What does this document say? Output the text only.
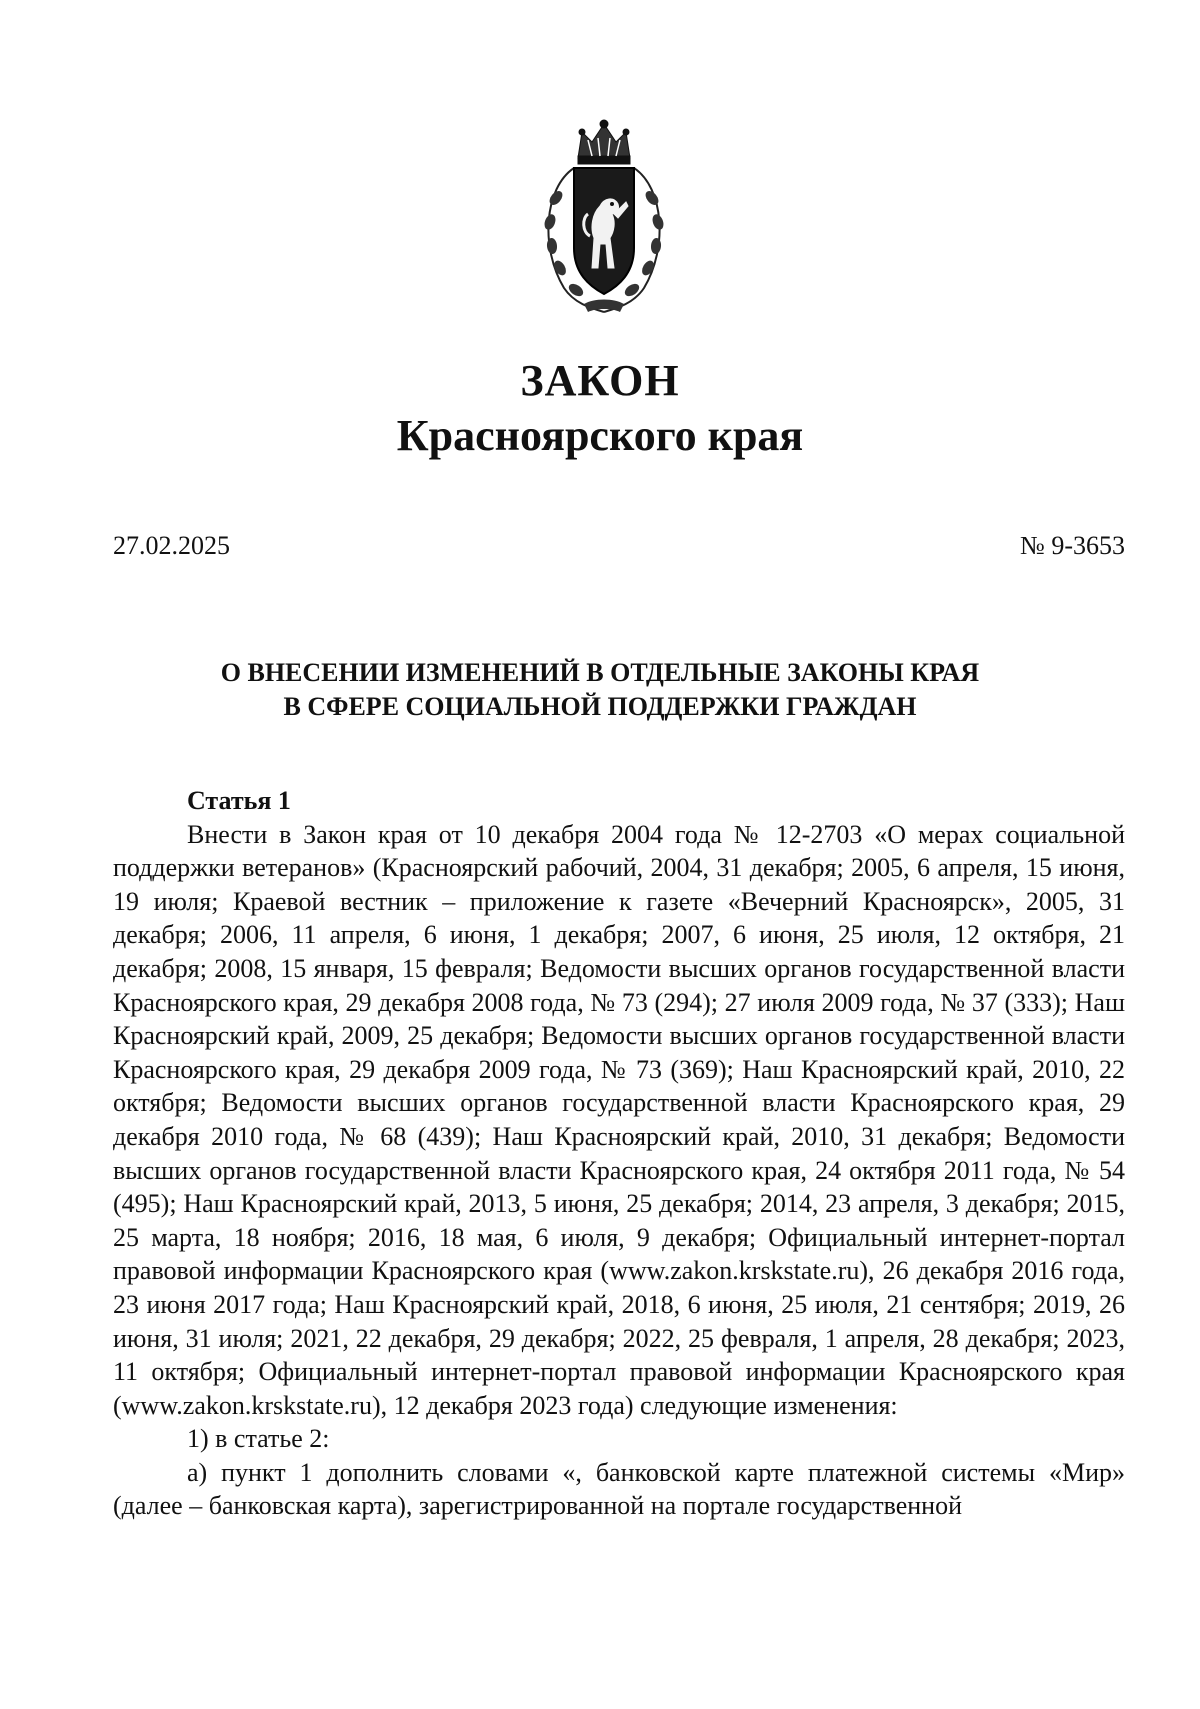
ЗАКОН
Красноярского края
27.02.2025	№ 9-3653
О ВНЕСЕНИИ ИЗМЕНЕНИЙ В ОТДЕЛЬНЫЕ ЗАКОНЫ КРАЯ
В СФЕРЕ СОЦИАЛЬНОЙ ПОДДЕРЖКИ ГРАЖДАН

Статья 1

Внести в Закон края от 10 декабря 2004 года № 12-2703 «О мерах социальной поддержки ветеранов» (Красноярский рабочий, 2004, 31 декабря; 2005, 6 апреля, 15 июня, 19 июля; Краевой вестник – приложение к газете «Вечерний Красноярск», 2005, 31 декабря; 2006, 11 апреля, 6 июня, 1 декабря; 2007, 6 июня, 25 июля, 12 октября, 21 декабря; 2008, 15 января, 15 февраля; Ведомости высших органов государственной власти Красноярского края, 29 декабря 2008 года, № 73 (294); 27 июля 2009 года, № 37 (333); Наш Красноярский край, 2009, 25 декабря; Ведомости высших органов государственной власти Красноярского края, 29 декабря 2009 года, № 73 (369); Наш Красноярский край, 2010, 22 октября; Ведомости высших органов государственной власти Красноярского края, 29 декабря 2010 года, № 68 (439); Наш Красноярский край, 2010, 31 декабря; Ведомости высших органов государственной власти Красноярского края, 24 октября 2011 года, № 54 (495); Наш Красноярский край, 2013, 5 июня, 25 декабря; 2014, 23 апреля, 3 декабря; 2015, 25 марта, 18 ноября; 2016, 18 мая, 6 июля, 9 декабря; Официальный интернет-портал правовой информации Красноярского края (www.zakon.krskstate.ru), 26 декабря 2016 года, 23 июня 2017 года; Наш Красноярский край, 2018, 6 июня, 25 июля, 21 сентября; 2019, 26 июня, 31 июля; 2021, 22 декабря, 29 декабря; 2022, 25 февраля, 1 апреля, 28 декабря; 2023, 11 октября; Официальный интернет-портал правовой информации Красноярского края (www.zakon.krskstate.ru), 12 декабря 2023 года) следующие изменения:

1) в статье 2:

а) пункт 1 дополнить словами «, банковской карте платежной системы «Мир» (далее – банковская карта), зарегистрированной на портале государственной
